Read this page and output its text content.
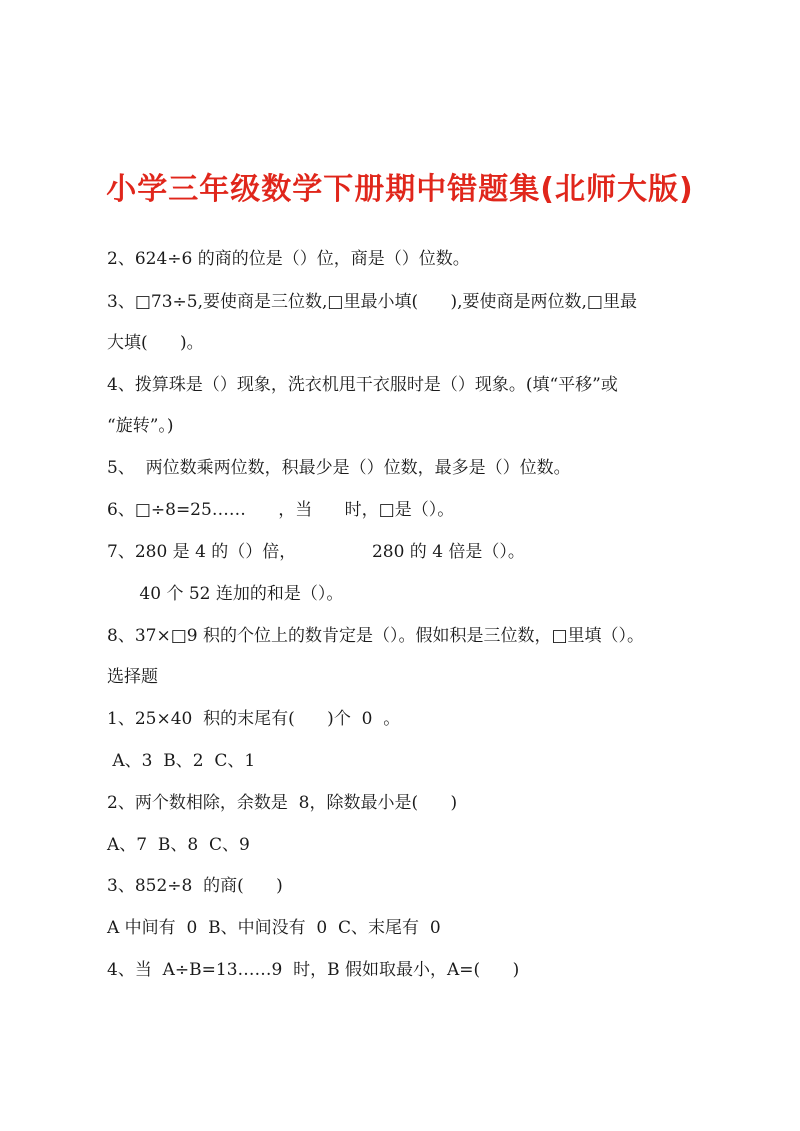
小学三年级数学下册期中错题集(北师大版)
2、624÷6 的商的位是（）位，商是（）位数。
3、□73÷5,要使商是三位数,□里最小填(      ),要使商是两位数,□里最
大填(      )。
4、拨算珠是（）现象，洗衣机甩干衣服时是（）现象。(填“平移”或
“旋转”。)
5、  两位数乘两位数，积最少是（）位数，最多是（）位数。
6、□÷8=25……      ，当      时，□是（）。
7、280 是 4 的（）倍，              280 的 4 倍是（）。
40 个 52 连加的和是（）。
8、37×□9 积的个位上的数肯定是（）。假如积是三位数，□里填（）。
选择题
1、25×40  积的末尾有(      )个  0  。
A、3  B、2  C、1
2、两个数相除，余数是  8，除数最小是(      )
A、7  B、8  C、9
3、852÷8  的商(      )
A 中间有  0  B、中间没有  0  C、末尾有  0
4、当  A÷B=13……9  时，B 假如取最小，A=(      )
